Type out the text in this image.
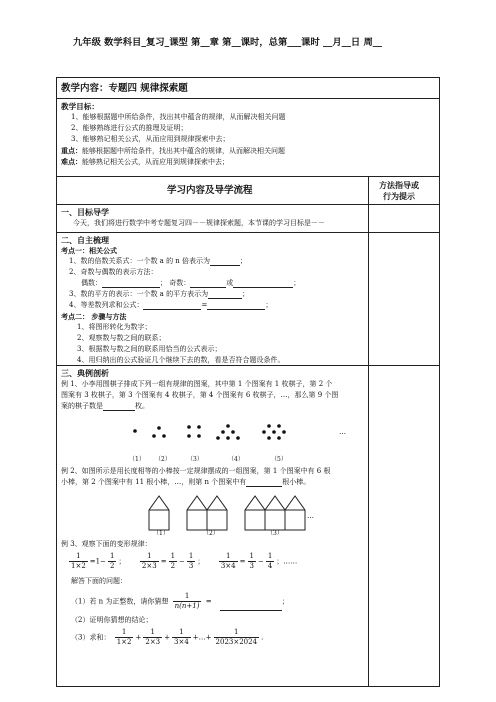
九年级 数学科目_复习_课型 第__章 第__课时，总第___课时 __月__日 周__
教学内容：专题四 规律探索题
教学目标：
1、能够根据题中所给条件，找出其中蕴含的规律，从而解决相关问题
2、能够熟练进行公式的推理及证明；
3、能够熟记相关公式，从而应用到规律探索中去；
重点：能够根据题中所给条件，找出其中蕴含的规律，从而解决相关问题
难点：能够熟记相关公式，从而应用到规律探索中去；
学习内容及导学流程	方法指导或
行为提示
一、目标导学
今天，我们将进行数学中考专题复习四－－规律探索题，本节课的学习目标是－－
二、自主梳理
考点一：相关公式
1、数的倍数关系式：一个数 a 的 n 倍表示为	；
2、奇数与偶数的表示方法：
偶数：	； 奇数：	或	；
3、数的平方的表示：一个数 a 的平方表示为	；
4、等差数列求和公式：	=	；
考点二： 步骤与方法
1、将图形转化为数字；
2、观察数与数之间的联系；
3、根据数与数之间的联系用恰当的公式表示；
4、用归纳出的公式验证几个继续下去的数，看是否符合题设条件。
三、典例剖析
例 1、小李用围棋子排成下列一组有规律的图案，其中第 1 个图案有 1 枚棋子，第 2 个
图案有 3 枚棋子，第 3 个图案有 4 枚棋子，第 4 个图案有 6 枚棋子，…，那么第 9 个图
案的棋子数是	枚。
…
（1） （2）	（3）	（4）	（5）
例 2、如图所示是用长度相等的小棒按一定规律摆成的一组图案，第 1 个图案中有 6 根
小棒，第 2 个图案中有 11 根小棒，…，则第 n 个图案中有	根小棒。
…
（1）	（2）	（3）
例 3、观察下面的变形规律：
$\frac{1}{1\times 2} =1- \frac{1}{2}$ ； $\frac{1}{2\times 3} = \frac{1}{2} - \frac{1}{3}$ ； $\frac{1}{3\times 4} = \frac{1}{3} - \frac{1}{4}$ ；……
解答下面的问题：
（1）若 n 为正整数，请你猜想 $\frac{1}{n(n+1)}$ =	；
（2）证明你猜想的结论；
（3）求和： $\frac{1}{1\times 2} + \frac{1}{2\times 3} + \frac{1}{3\times 4}$ +…+ $\frac{1}{2023\times 2024}$ .
